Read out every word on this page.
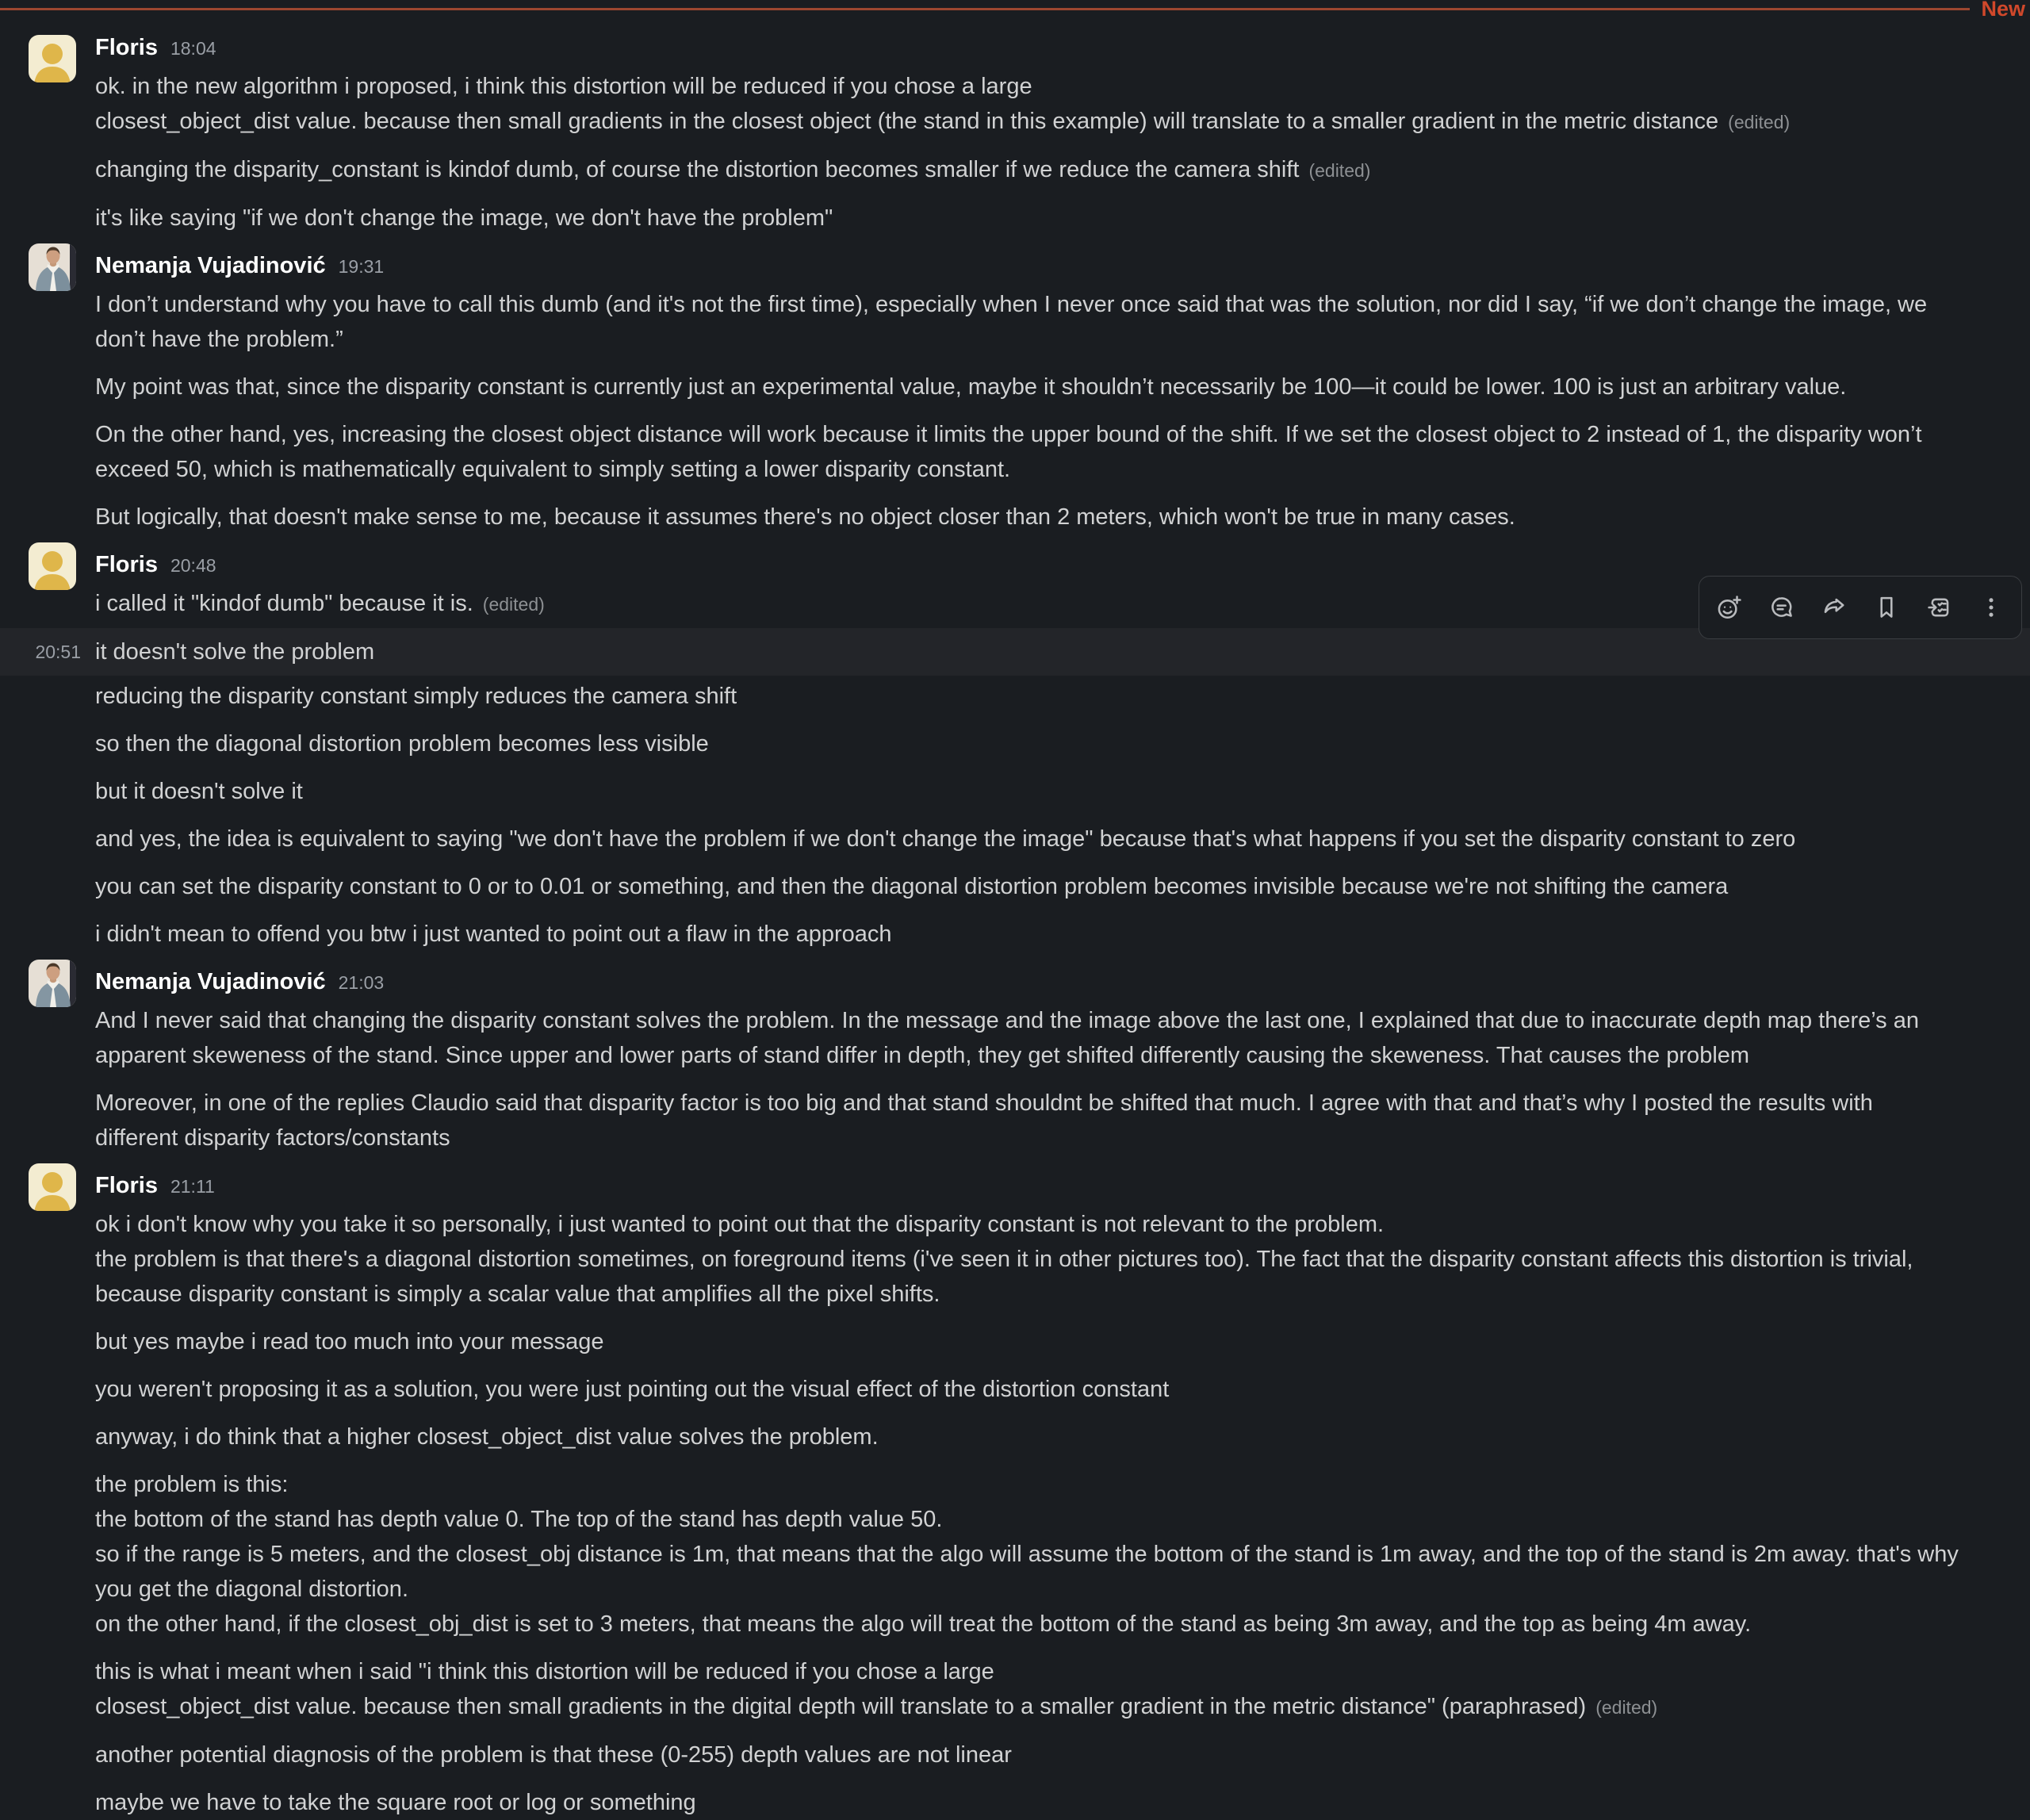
New
Floris 18:04
ok. in the new algorithm i proposed, i think this distortion will be reduced if you chose a large
closest_object_dist value. because then small gradients in the closest object (the stand in this example) will translate to a smaller gradient in the metric distance (edited)
changing the disparity_constant is kindof dumb, of course the distortion becomes smaller if we reduce the camera shift (edited)
it's like saying "if we don't change the image, we don't have the problem"
Nemanja Vujadinović 19:31
I don’t understand why you have to call this dumb (and it's not the first time), especially when I never once said that was the solution, nor did I say, “if we don’t change the image, we
don’t have the problem.”
My point was that, since the disparity constant is currently just an experimental value, maybe it shouldn’t necessarily be 100—it could be lower. 100 is just an arbitrary value.
On the other hand, yes, increasing the closest object distance will work because it limits the upper bound of the shift. If we set the closest object to 2 instead of 1, the disparity won’t
exceed 50, which is mathematically equivalent to simply setting a lower disparity constant.
But logically, that doesn't make sense to me, because it assumes there's no object closer than 2 meters, which won't be true in many cases.
Floris 20:48
i called it "kindof dumb" because it is. (edited)
20:51 it doesn't solve the problem
reducing the disparity constant simply reduces the camera shift
so then the diagonal distortion problem becomes less visible
but it doesn't solve it
and yes, the idea is equivalent to saying "we don't have the problem if we don't change the image" because that's what happens if you set the disparity constant to zero
you can set the disparity constant to 0 or to 0.01 or something, and then the diagonal distortion problem becomes invisible because we're not shifting the camera
i didn't mean to offend you btw i just wanted to point out a flaw in the approach
Nemanja Vujadinović 21:03
And I never said that changing the disparity constant solves the problem. In the message and the image above the last one, I explained that due to inaccurate depth map there’s an
apparent skeweness of the stand. Since upper and lower parts of stand differ in depth, they get shifted differently causing the skeweness. That causes the problem
Moreover, in one of the replies Claudio said that disparity factor is too big and that stand shouldnt be shifted that much. I agree with that and that’s why I posted the results with
different disparity factors/constants
Floris 21:11
ok i don't know why you take it so personally, i just wanted to point out that the disparity constant is not relevant to the problem.
the problem is that there's a diagonal distortion sometimes, on foreground items (i've seen it in other pictures too). The fact that the disparity constant affects this distortion is trivial,
because disparity constant is simply a scalar value that amplifies all the pixel shifts.
but yes maybe i read too much into your message
you weren't proposing it as a solution, you were just pointing out the visual effect of the distortion constant
anyway, i do think that a higher closest_object_dist value solves the problem.
the problem is this:
the bottom of the stand has depth value 0. The top of the stand has depth value 50.
so if the range is 5 meters, and the closest_obj distance is 1m, that means that the algo will assume the bottom of the stand is 1m away, and the top of the stand is 2m away. that's why
you get the diagonal distortion.
on the other hand, if the closest_obj_dist is set to 3 meters, that means the algo will treat the bottom of the stand as being 3m away, and the top as being 4m away.
this is what i meant when i said "i think this distortion will be reduced if you chose a large
closest_object_dist value. because then small gradients in the digital depth will translate to a smaller gradient in the metric distance" (paraphrased) (edited)
another potential diagnosis of the problem is that these (0-255) depth values are not linear
maybe we have to take the square root or log or something
